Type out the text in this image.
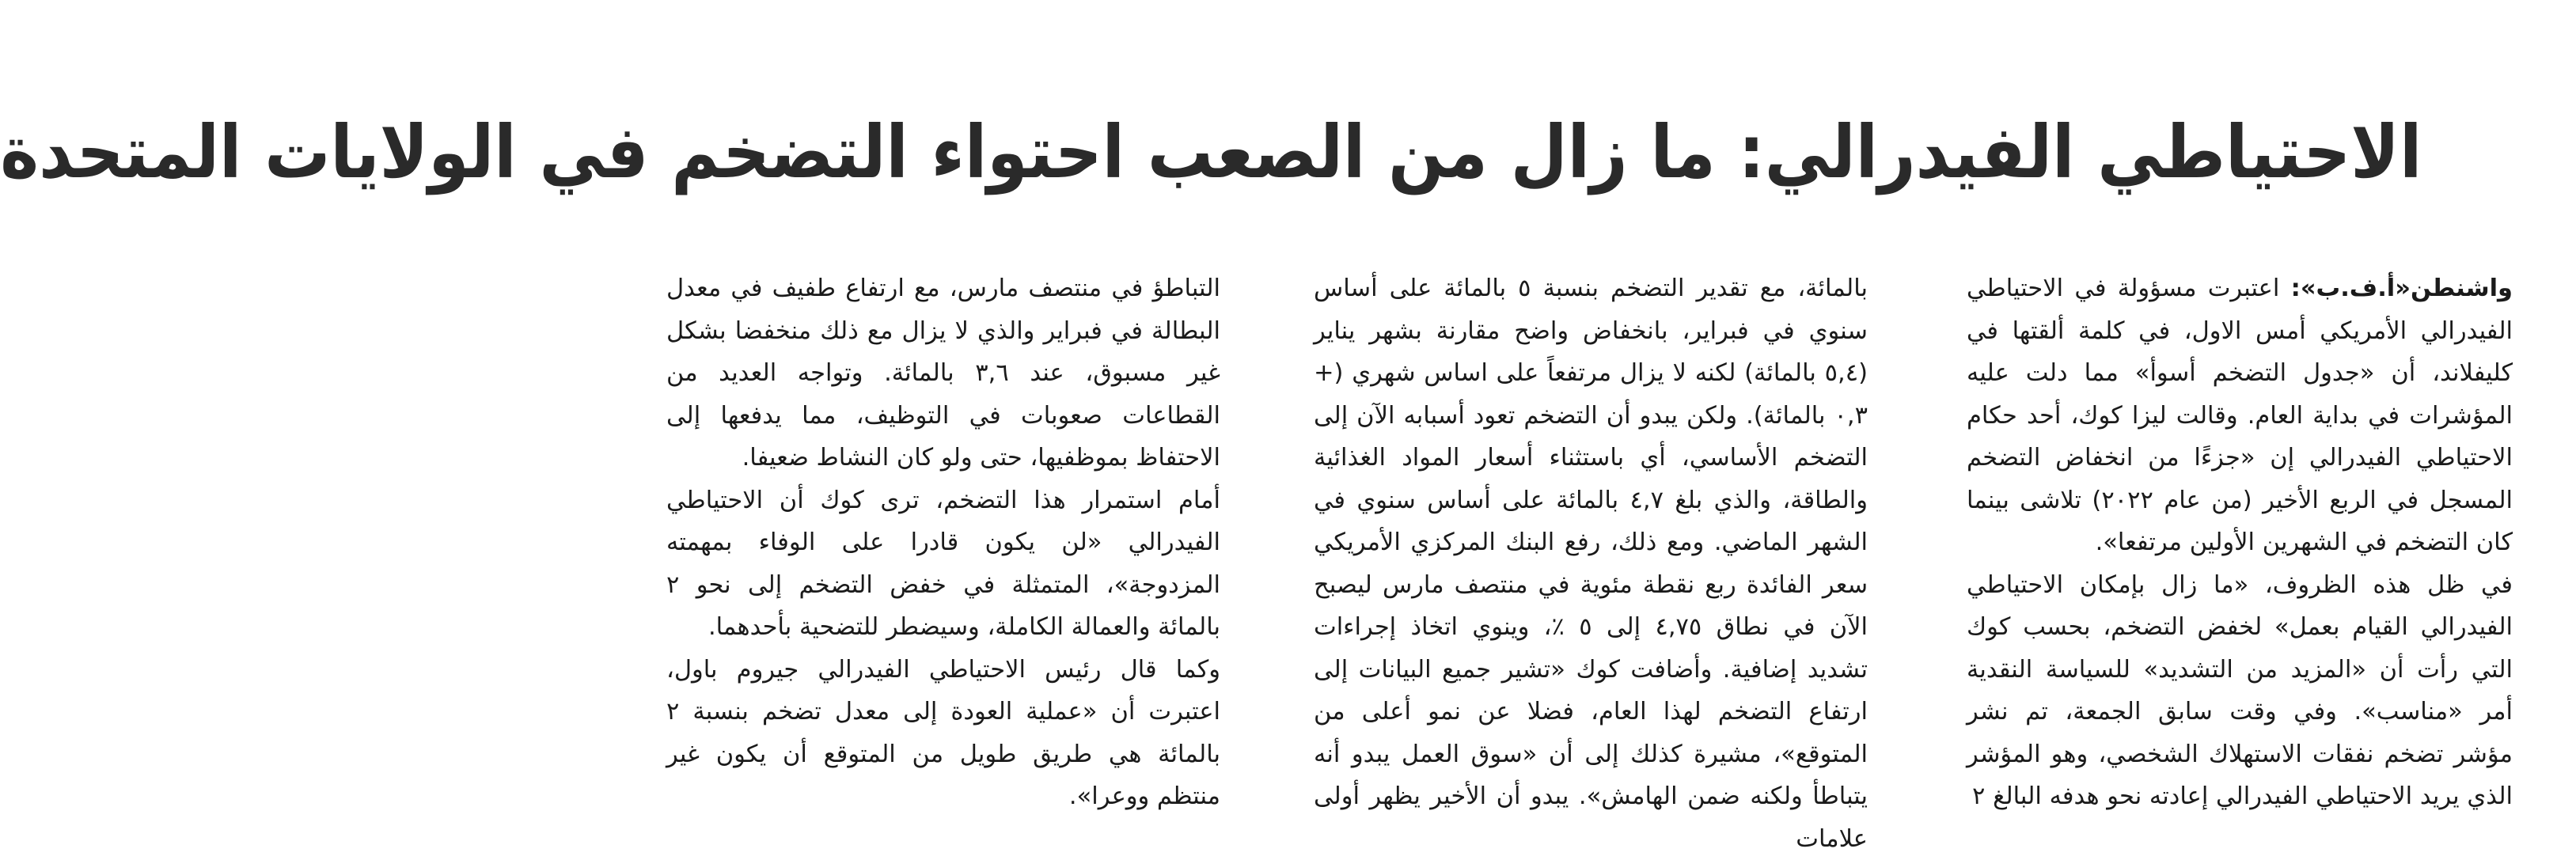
الاحتياطي الفيدرالي: ما زال من الصعب احتواء التضخم في الولايات المتحدة

واشنطن«أ.ف.ب»: اعتبرت مسؤولة في الاحتياطي الفيدرالي الأمريكي أمس الاول، في كلمة ألقتها في كليفلاند، أن «جدول التضخم أسوأ» مما دلت عليه المؤشرات في بداية العام. وقالت ليزا كوك، أحد حكام الاحتياطي الفيدرالي إن «جزءًا من انخفاض التضخم المسجل في الربع الأخير (من عام ٢٠٢٢) تلاشى بينما كان التضخم في الشهرين الأولين مرتفعا».

في ظل هذه الظروف، «ما زال بإمكان الاحتياطي الفيدرالي القيام بعمل» لخفض التضخم، بحسب كوك التي رأت أن «المزيد من التشديد» للسياسة النقدية أمر «مناسب». وفي وقت سابق الجمعة، تم نشر مؤشر تضخم نفقات الاستهلاك الشخصي، وهو المؤشر الذي يريد الاحتياطي الفيدرالي إعادته نحو هدفه البالغ ٢

بالمائة، مع تقدير التضخم بنسبة ٥ بالمائة على أساس سنوي في فبراير، بانخفاض واضح مقارنة بشهر يناير (٥,٤ بالمائة) لكنه لا يزال مرتفعاً على اساس شهري (+ ٠,٣ بالمائة). ولكن يبدو أن التضخم تعود أسبابه الآن إلى التضخم الأساسي، أي باستثناء أسعار المواد الغذائية والطاقة، والذي بلغ ٤,٧ بالمائة على أساس سنوي في الشهر الماضي. ومع ذلك، رفع البنك المركزي الأمريكي سعر الفائدة ربع نقطة مئوية في منتصف مارس ليصبح الآن في نطاق ٤,٧٥ إلى ٥ ٪، وينوي اتخاذ إجراءات تشديد إضافية. وأضافت كوك «تشير جميع البيانات إلى ارتفاع التضخم لهذا العام، فضلا عن نمو أعلى من المتوقع»، مشيرة كذلك إلى أن «سوق العمل يبدو أنه يتباطأ ولكنه ضمن الهامش». يبدو أن الأخير يظهر أولى علامات

التباطؤ في منتصف مارس، مع ارتفاع طفيف في معدل البطالة في فبراير والذي لا يزال مع ذلك منخفضا بشكل غير مسبوق، عند ٣,٦ بالمائة. وتواجه العديد من القطاعات صعوبات في التوظيف، مما يدفعها إلى الاحتفاظ بموظفيها، حتى ولو كان النشاط ضعيفا.

أمام استمرار هذا التضخم، ترى كوك أن الاحتياطي الفيدرالي «لن يكون قادرا على الوفاء بمهمته المزدوجة»، المتمثلة في خفض التضخم إلى نحو ٢ بالمائة والعمالة الكاملة، وسيضطر للتضحية بأحدهما.

وكما قال رئيس الاحتياطي الفيدرالي جيروم باول، اعتبرت أن «عملية العودة إلى معدل تضخم بنسبة ٢ بالمائة هي طريق طويل من المتوقع أن يكون غير منتظم ووعرا».
